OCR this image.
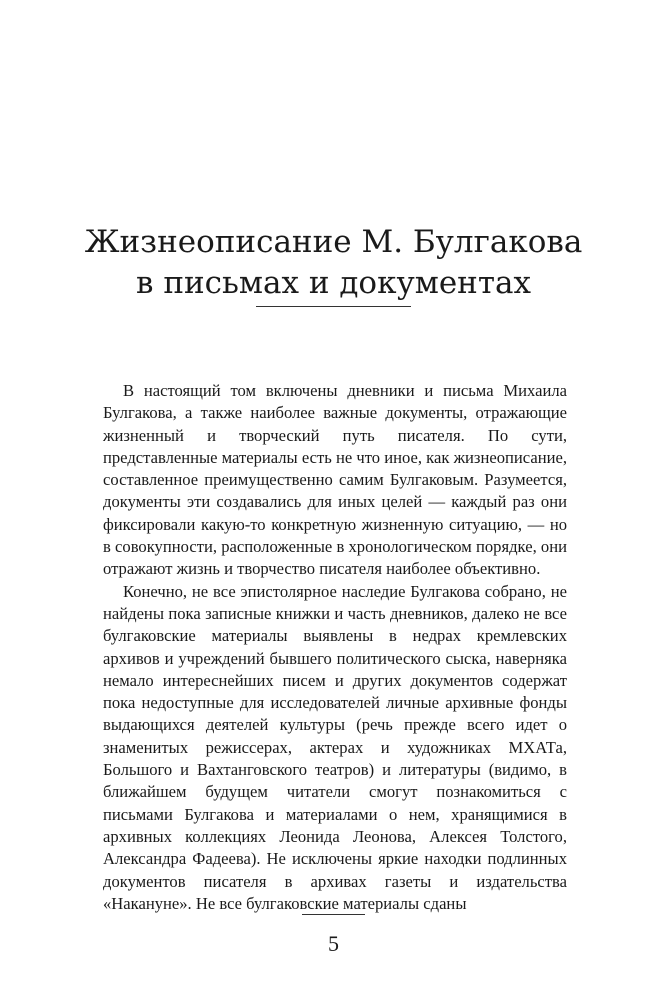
Жизнеописание М. Булгакова
в письмах и документах

В настоящий том включены дневники и письма Михаила Булгакова, а также наиболее важные документы, отражающие жизненный и творческий путь писателя. По сути, представленные материалы есть не что иное, как жизнеописание, составленное преимущественно самим Булгаковым. Разумеется, документы эти создавались для иных целей — каждый раз они фиксировали какую-то конкретную жизненную ситуацию, — но в совокупности, расположенные в хронологическом порядке, они отражают жизнь и творчество писателя наиболее объективно.

Конечно, не все эпистолярное наследие Булгакова собрано, не найдены пока записные книжки и часть дневников, далеко не все булгаковские материалы выявлены в недрах кремлевских архивов и учреждений бывшего политического сыска, наверняка немало интереснейших писем и других документов содержат пока недоступные для исследователей личные архивные фонды выдающихся деятелей культуры (речь прежде всего идет о знаменитых режиссерах, актерах и художниках МХАТа, Большого и Вахтанговского театров) и литературы (видимо, в ближайшем будущем читатели смогут познакомиться с письмами Булгакова и материалами о нем, хранящимися в архивных коллекциях Леонида Леонова, Алексея Толстого, Александра Фадеева). Не исключены яркие находки подлинных документов писателя в архивах газеты и издательства «Накануне». Не все булгаковские материалы сданы

5
